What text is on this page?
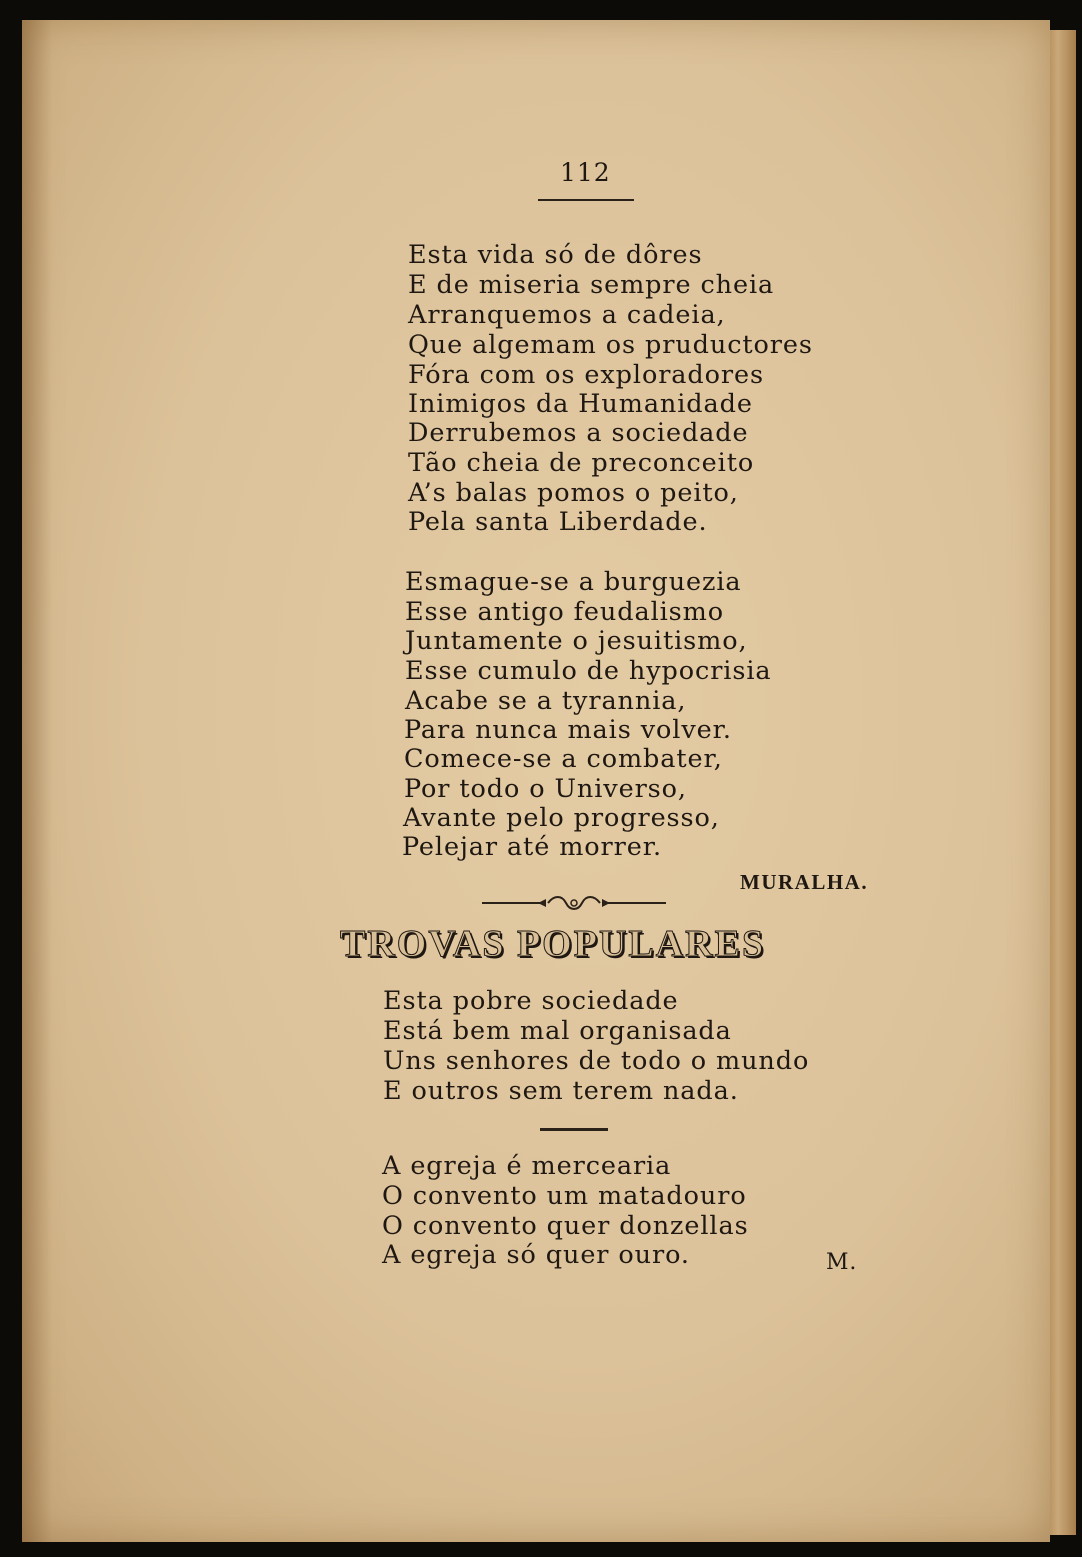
112
Esta vida só de dôres
E de miseria sempre cheia
Arranquemos a cadeia,
Que algemam os pruductores
Fóra com os exploradores
Inimigos da Humanidade
Derrubemos a sociedade
Tão cheia de preconceito
A’s balas pomos o peito,
Pela santa Liberdade.
Esmague-se a burguezia
Esse antigo feudalismo
Juntamente o jesuitismo,
Esse cumulo de hypocrisia
Acabe se a tyrannia,
Para nunca mais volver.
Comece-se a combater,
Por todo o Universo,
Avante pelo progresso,
Pelejar até morrer.
MURALHA.
TROVAS POPULARES
Esta pobre sociedade
Está bem mal organisada
Uns senhores de todo o mundo
E outros sem terem nada.
A egreja é mercearia
O convento um matadouro
O convento quer donzellas
A egreja só quer ouro.	M.
